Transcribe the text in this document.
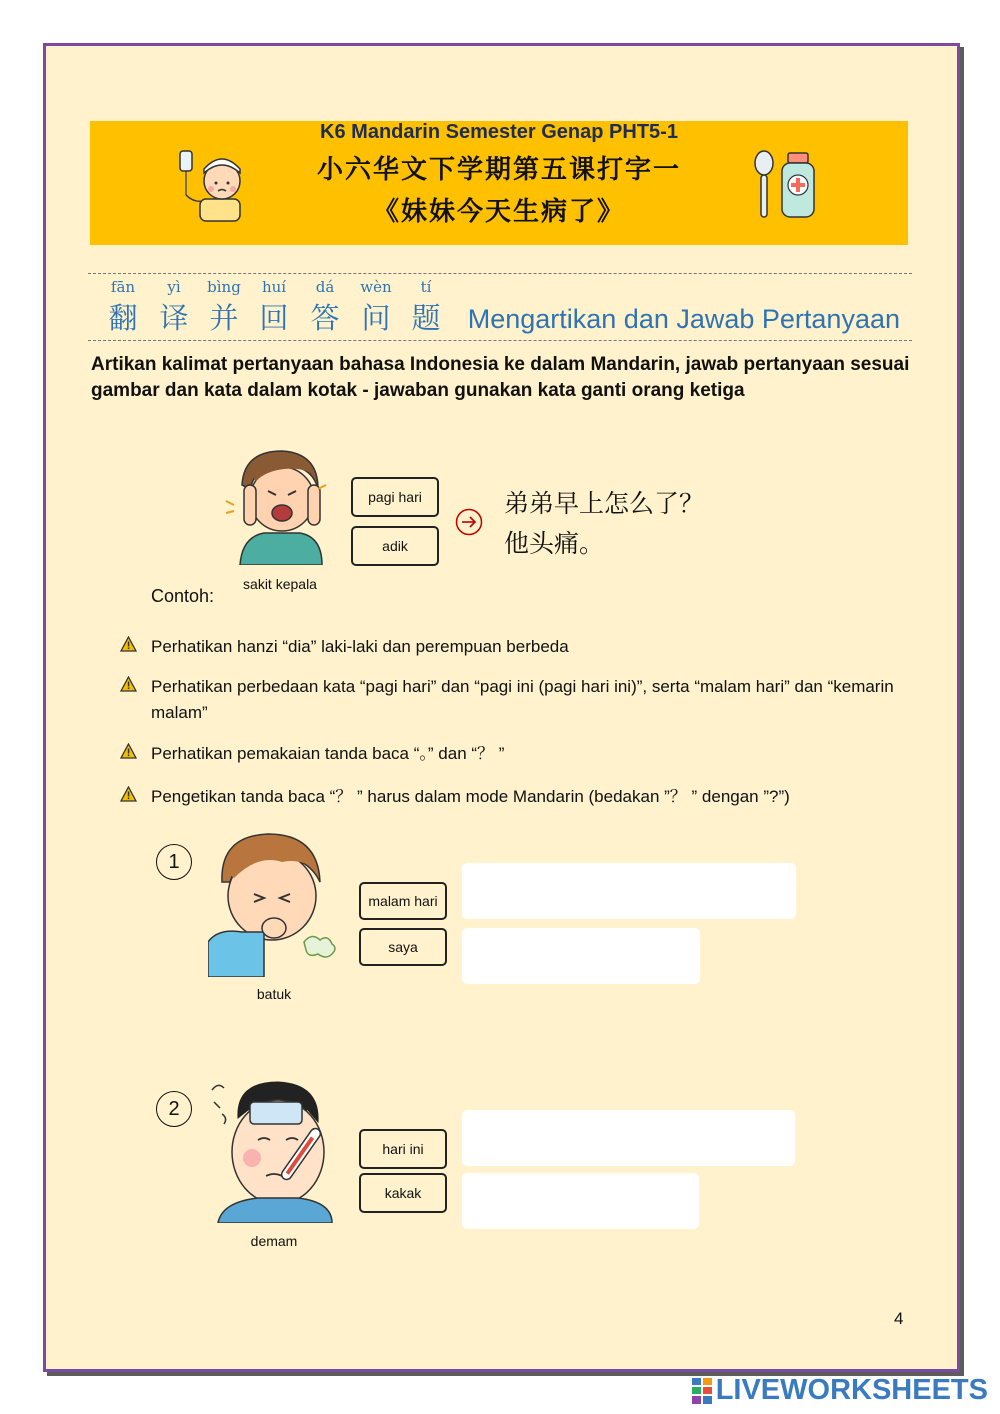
K6 Mandarin Semester Genap PHT5-1
小六华文下学期第五课打字一
《妹妹今天生病了》
fān
翻
yì
译
bìng
并
huí
回
dá
答
wèn
问
tí
题	Mengartikan dan Jawab Pertanyaan
Artikan kalimat pertanyaan bahasa Indonesia ke dalam Mandarin, jawab pertanyaan sesuai gambar dan kata dalam kotak - jawaban gunakan kata ganti orang ketiga
sakit kepala
pagi hari
adik
弟弟早上怎么了？
他头痛。
Contoh:
Perhatikan hanzi “dia” laki-laki dan perempuan berbeda
Perhatikan perbedaan kata “pagi hari” dan “pagi ini (pagi hari ini)”, serta “malam hari” dan “kemarin malam”
Perhatikan pemakaian tanda baca “。” dan “？ ”
Pengetikan tanda baca “？ ” harus dalam mode Mandarin (bedakan ”？ ” dengan ”?”)
1
batuk
malam hari
saya
2
demam
hari ini
kakak
4
LIVEWORKSHEETS
